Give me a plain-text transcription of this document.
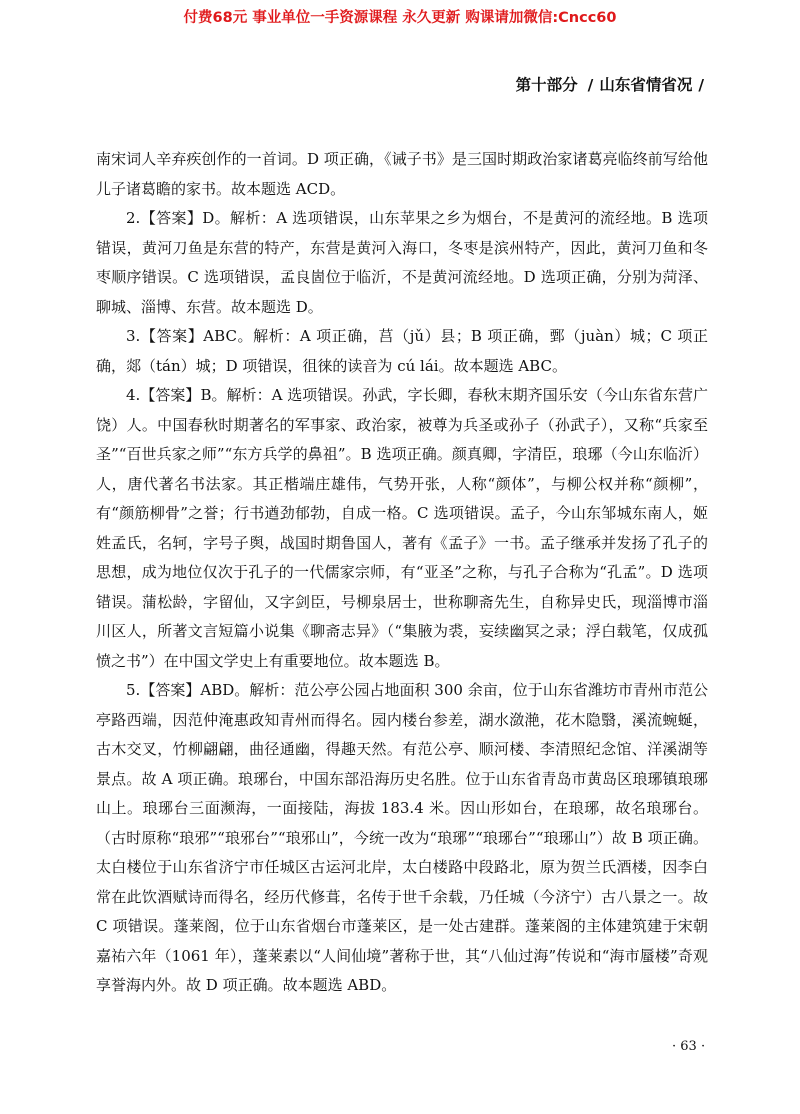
付费68元 事业单位一手资源课程 永久更新 购课请加微信:Cncc60
第十部分 / 山东省情省况 /

南宋词人辛弃疾创作的一首词。D 项正确，《诫子书》是三国时期政治家诸葛亮临终前写给他儿子诸葛瞻的家书。故本题选 ACD。

2.【答案】D。解析：A 选项错误，山东苹果之乡为烟台，不是黄河的流经地。B 选项错误，黄河刀鱼是东营的特产，东营是黄河入海口，冬枣是滨州特产，因此，黄河刀鱼和冬枣顺序错误。C 选项错误，孟良崮位于临沂，不是黄河流经地。D 选项正确，分别为菏泽、聊城、淄博、东营。故本题选 D。

3.【答案】ABC。解析：A 项正确，莒（jǔ）县；B 项正确，鄄（juàn）城；C 项正确，郯（tán）城；D 项错误，徂徕的读音为 cú lái。故本题选 ABC。

4.【答案】B。解析：A 选项错误。孙武，字长卿，春秋末期齐国乐安（今山东省东营广饶）人。中国春秋时期著名的军事家、政治家，被尊为兵圣或孙子（孙武子），又称“兵家至圣”“百世兵家之师”“东方兵学的鼻祖”。B 选项正确。颜真卿，字清臣，琅琊（今山东临沂）人，唐代著名书法家。其正楷端庄雄伟，气势开张，人称“颜体”，与柳公权并称“颜柳”，有“颜筋柳骨”之誉；行书遒劲郁勃，自成一格。C 选项错误。孟子，今山东邹城东南人，姬姓孟氏，名轲，字号子舆，战国时期鲁国人，著有《孟子》一书。孟子继承并发扬了孔子的思想，成为地位仅次于孔子的一代儒家宗师，有“亚圣”之称，与孔子合称为“孔孟”。D 选项错误。蒲松龄，字留仙，又字剑臣，号柳泉居士，世称聊斋先生，自称异史氏，现淄博市淄川区人，所著文言短篇小说集《聊斋志异》（“集腋为裘，妄续幽冥之录；浮白载笔，仅成孤愤之书”）在中国文学史上有重要地位。故本题选 B。

5.【答案】ABD。解析：范公亭公园占地面积 300 余亩，位于山东省潍坊市青州市范公亭路西端，因范仲淹惠政知青州而得名。园内楼台参差，湖水潋滟，花木隐翳，溪流蜿蜒，古木交叉，竹柳翩翩，曲径通幽，得趣天然。有范公亭、顺河楼、李清照纪念馆、洋溪湖等景点。故 A 项正确。琅琊台，中国东部沿海历史名胜。位于山东省青岛市黄岛区琅琊镇琅琊山上。琅琊台三面濒海，一面接陆，海拔 183.4 米。因山形如台，在琅琊，故名琅琊台。（古时原称“琅邪”“琅邪台”“琅邪山”，今统一改为“琅琊”“琅琊台”“琅琊山”）故 B 项正确。太白楼位于山东省济宁市任城区古运河北岸，太白楼路中段路北，原为贺兰氏酒楼，因李白常在此饮酒赋诗而得名，经历代修葺，名传于世千余载，乃任城（今济宁）古八景之一。故 C 项错误。蓬莱阁，位于山东省烟台市蓬莱区，是一处古建群。蓬莱阁的主体建筑建于宋朝嘉祐六年（1061 年），蓬莱素以“人间仙境”著称于世，其“八仙过海”传说和“海市蜃楼”奇观享誉海内外。故 D 项正确。故本题选 ABD。

· 63 ·
